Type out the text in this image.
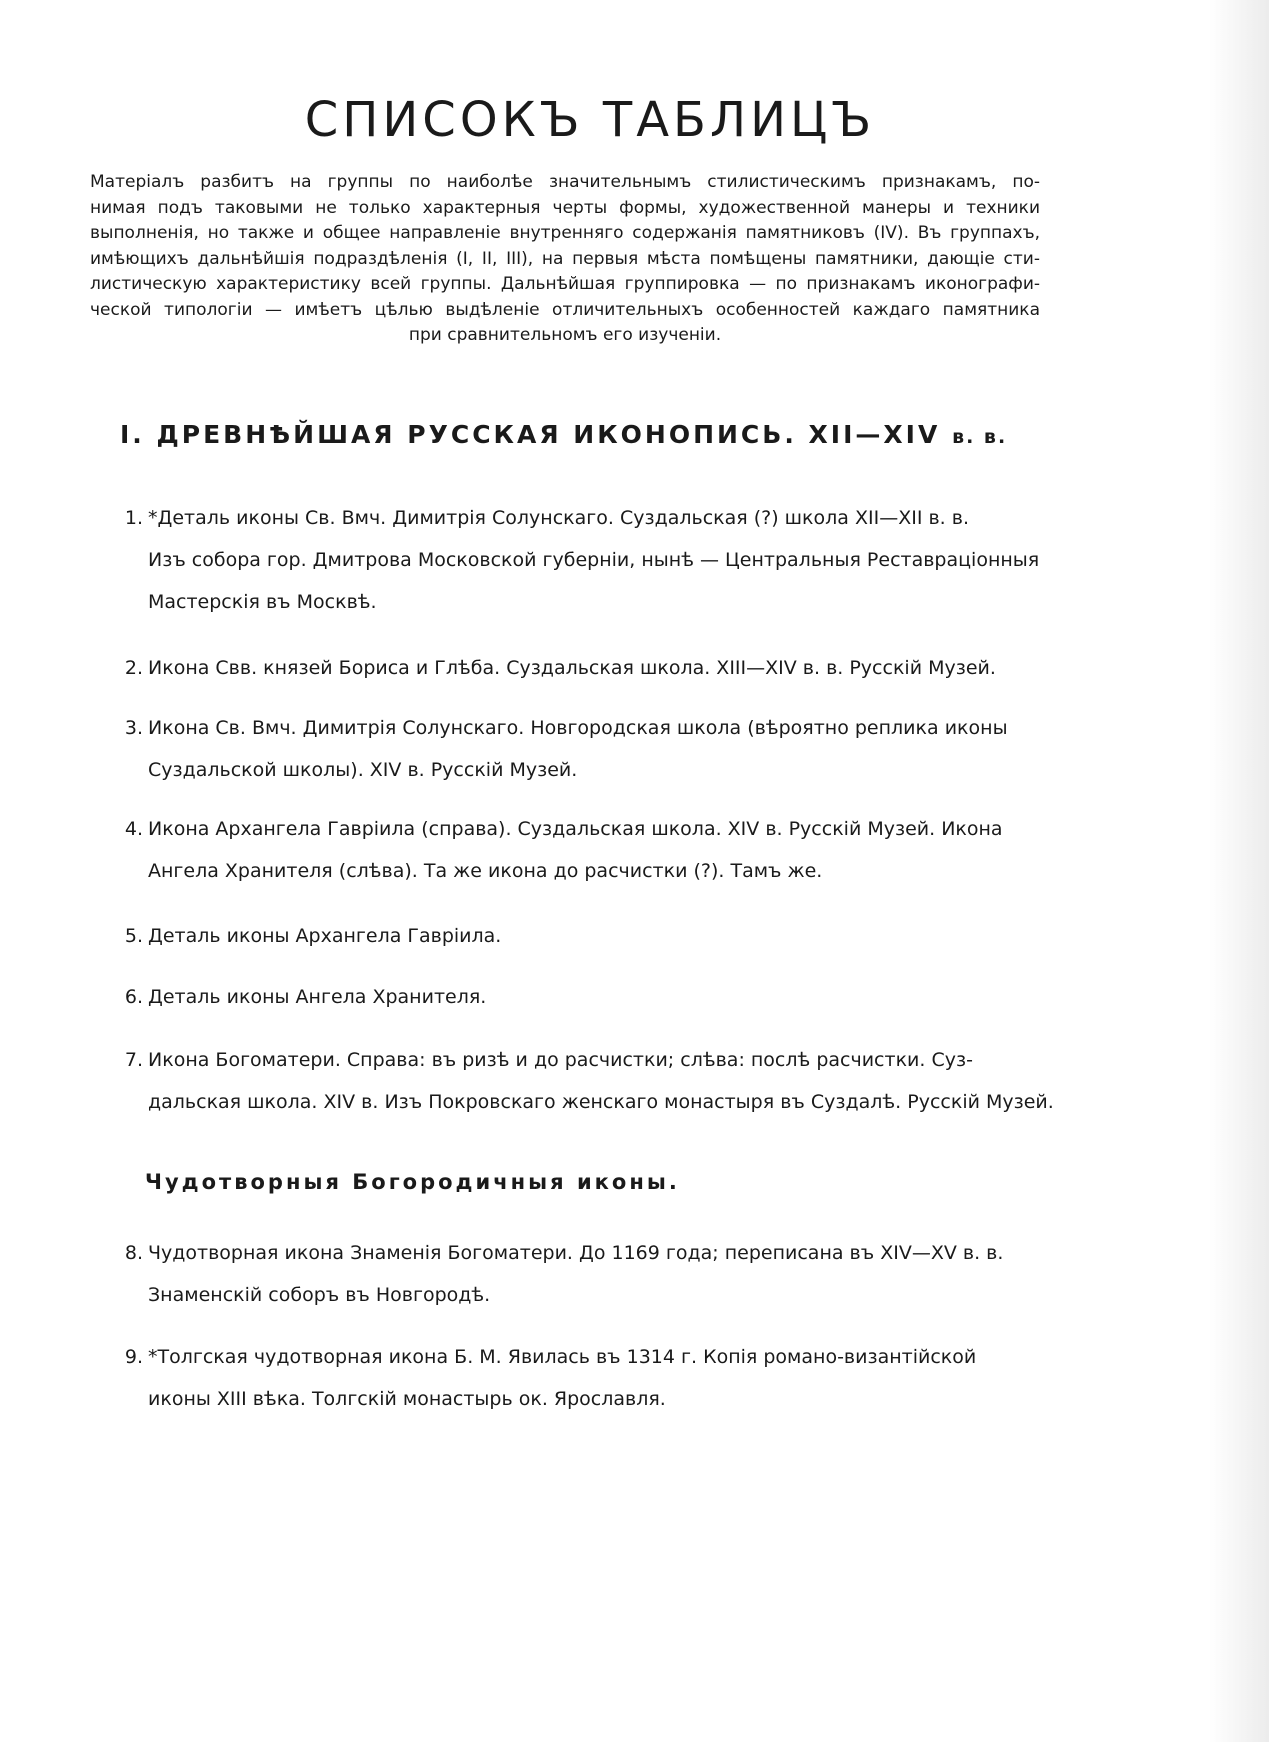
СПИСОКЪ ТАБЛИЦЪ

Матеріалъ разбитъ на группы по наиболѣе значительнымъ стилистическимъ признакамъ, по-
нимая подъ таковыми не только характерныя черты формы, художественной манеры и техники
выполненія, но также и общее направленіе внутренняго содержанія памятниковъ (IV). Въ группахъ,
имѣющихъ дальнѣйшія подраздѣленія (I, II, III), на первыя мѣста помѣщены памятники, дающіе сти-
листическую характеристику всей группы. Дальнѣйшая группировка — по признакамъ иконографи-
ческой типологіи — имѣетъ цѣлью выдѣленіе отличительныхъ особенностей каждаго памятника
при сравнительномъ его изученіи.

I. ДРЕВНѢЙШАЯ РУССКАЯ ИКОНОПИСЬ. XII—XIV в. в.
1. *Деталь иконы Св. Вмч. Димитрія Солунскаго. Суздальская (?) школа XII—XII в. в.
Изъ собора гор. Дмитрова Московской губерніи, нынѣ — Центральныя Реставраціонныя
Мастерскія въ Москвѣ.
2. Икона Свв. князей Бориса и Глѣба. Суздальская школа. XIII—XIV в. в. Русскій Музей.
3. Икона Св. Вмч. Димитрія Солунскаго. Новгородская школа (вѣроятно реплика иконы
Суздальской школы). XIV в. Русскій Музей.
4. Икона Архангела Гавріила (справа). Суздальская школа. XIV в. Русскій Музей. Икона
Ангела Хранителя (слѣва). Та же икона до расчистки (?). Тамъ же.
5. Деталь иконы Архангела Гавріила.
6. Деталь иконы Ангела Хранителя.
7. Икона Богоматери. Справа: въ ризѣ и до расчистки; слѣва: послѣ расчистки. Суз-
дальская школа. XIV в. Изъ Покровскаго женскаго монастыря въ Суздалѣ. Русскій Музей.
Чудотворныя Богородичныя иконы.
8. Чудотворная икона Знаменія Богоматери. До 1169 года; переписана въ XIV—XV в. в.
Знаменскій соборъ въ Новгородѣ.
9. *Толгская чудотворная икона Б. М. Явилась въ 1314 г. Копія романо-византійской
иконы XIII вѣка. Толгскій монастырь ок. Ярославля.
